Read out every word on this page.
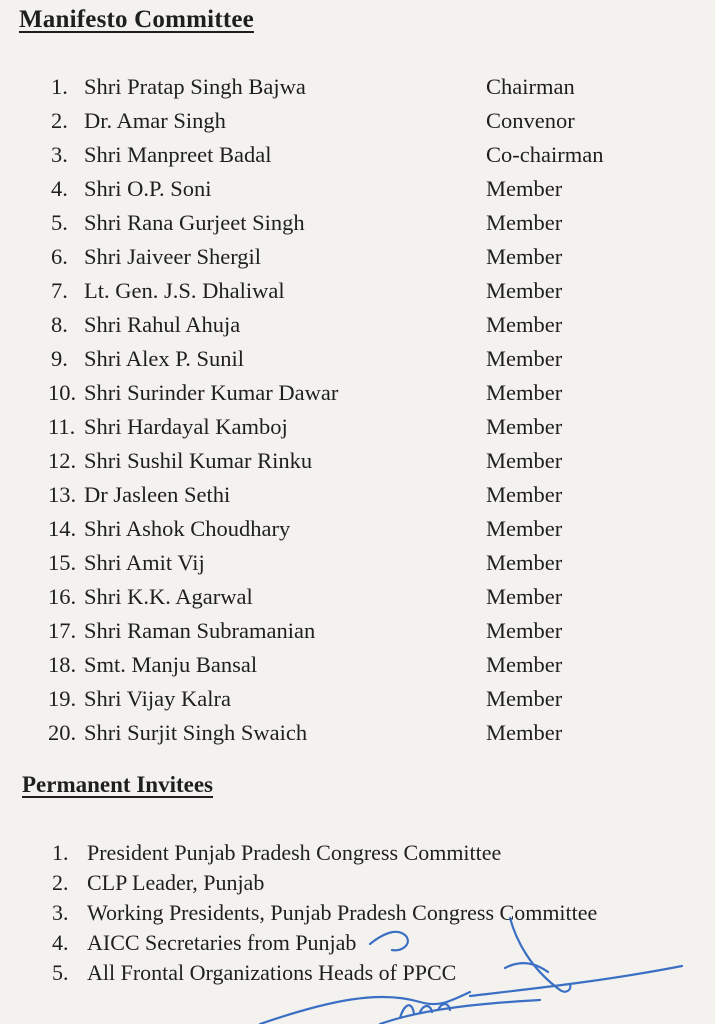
Manifesto Committee
1. Shri Pratap Singh Bajwa	Chairman
2. Dr. Amar Singh	Convenor
3. Shri Manpreet Badal	Co-chairman
4. Shri O.P. Soni	Member
5. Shri Rana Gurjeet Singh	Member
6. Shri Jaiveer Shergil	Member
7. Lt. Gen. J.S. Dhaliwal	Member
8. Shri Rahul Ahuja	Member
9. Shri Alex P. Sunil	Member
10. Shri Surinder Kumar Dawar	Member
11. Shri Hardayal Kamboj	Member
12. Shri Sushil Kumar Rinku	Member
13. Dr Jasleen Sethi	Member
14. Shri Ashok Choudhary	Member
15. Shri Amit Vij	Member
16. Shri K.K. Agarwal	Member
17. Shri Raman Subramanian	Member
18. Smt. Manju Bansal	Member
19. Shri Vijay Kalra	Member
20. Shri Surjit Singh Swaich	Member
Permanent Invitees
1. President Punjab Pradesh Congress Committee
2. CLP Leader, Punjab
3. Working Presidents, Punjab Pradesh Congress Committee
4. AICC Secretaries from Punjab
5. All Frontal Organizations Heads of PPCC
